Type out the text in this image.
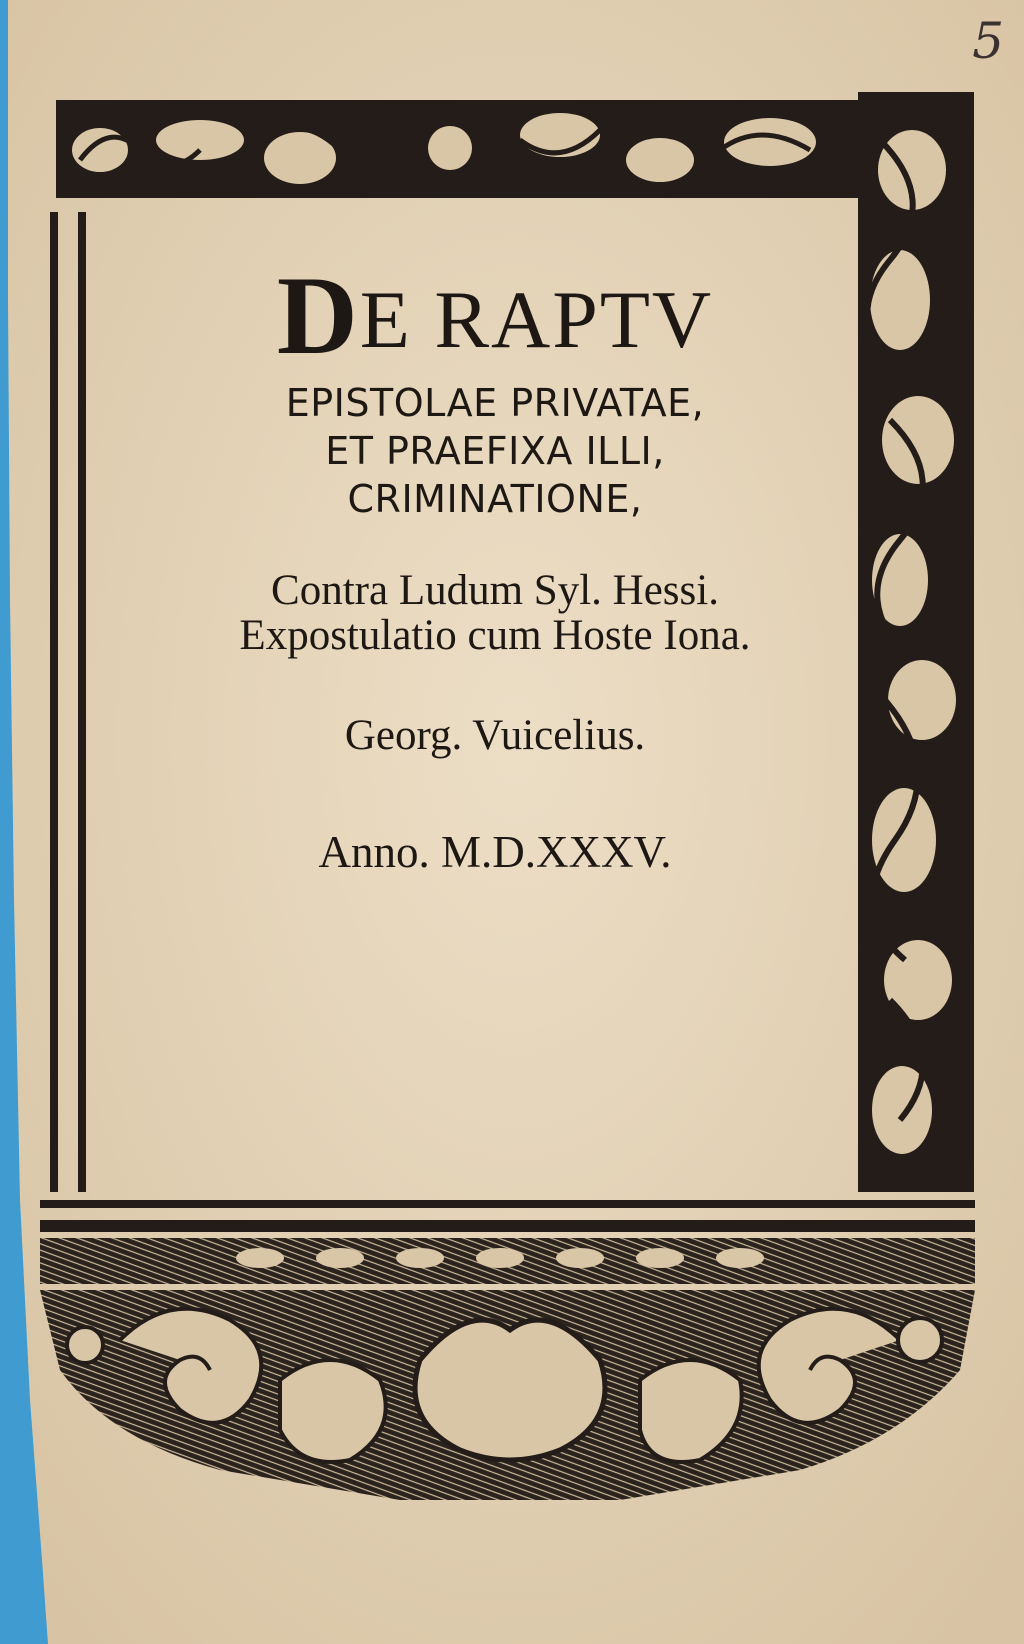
5
DE RAPTV
EPISTOLAE PRIVATAE,
ET PRAEFIXA ILLI,
CRIMINATIONE,
Contra Ludum Syl. Hessi.
Expostulatio cum Hoste Iona.
Georg. Vuicelius.
Anno. M.D.XXXV.
